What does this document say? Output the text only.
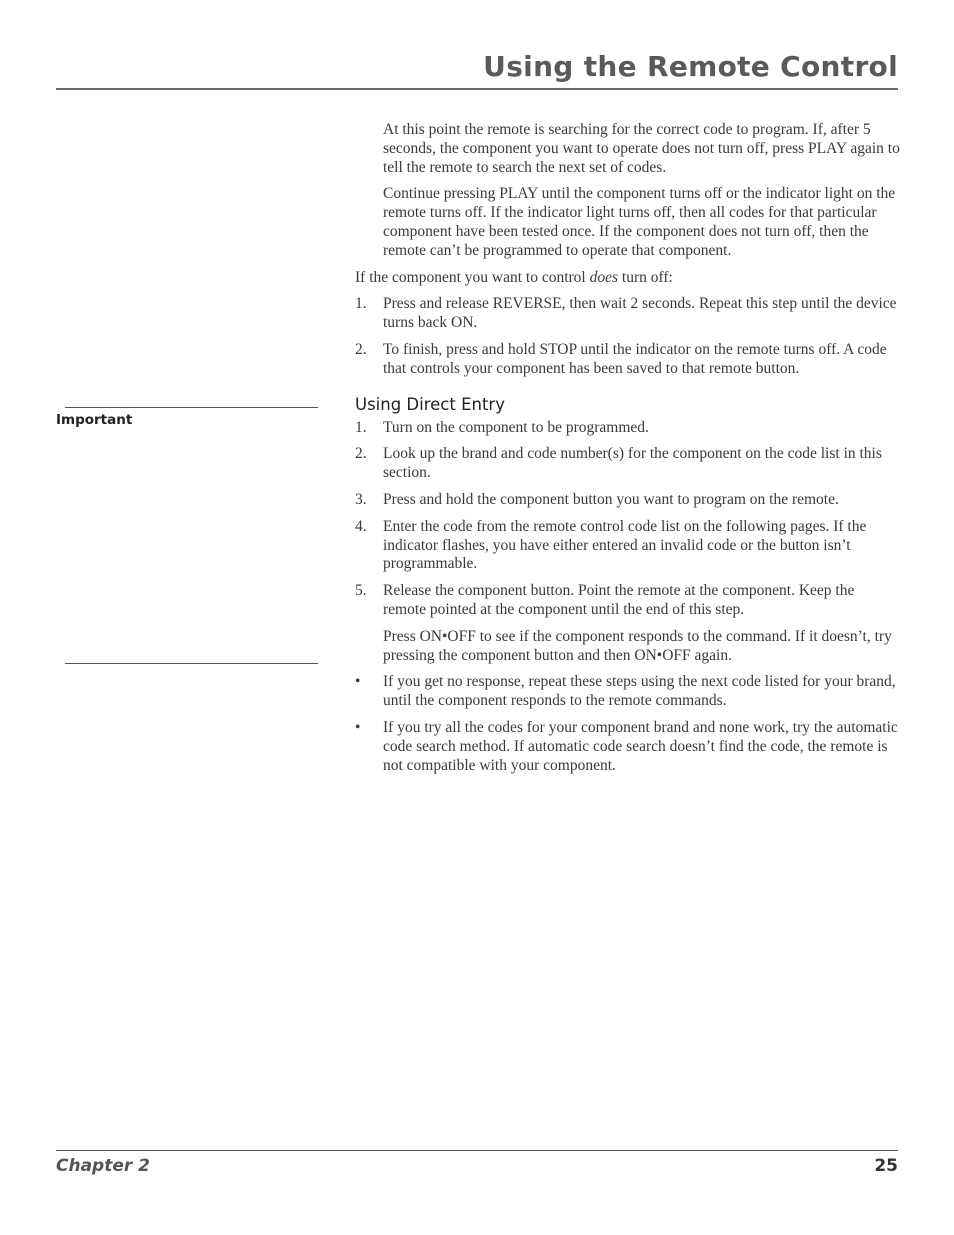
Using the Remote Control
Important

At this point the remote is searching for the correct code to program. If, after 5 seconds, the component you want to operate does not turn off, press PLAY again to tell the remote to search the next set of codes.

Continue pressing PLAY until the component turns off or the indicator light on the remote turns off. If the indicator light turns off, then all codes for that particular component have been tested once. If the component does not turn off, then the remote can’t be programmed to operate that component.

If the component you want to control does turn off:

1.	Press and release REVERSE, then wait 2 seconds. Repeat this step until the device turns back ON.
2.	To finish, press and hold STOP until the indicator on the remote turns off. A code that controls your component has been saved to that remote button.
Using Direct Entry
1.	Turn on the component to be programmed.
2.	Look up the brand and code number(s) for the component on the code list in this section.
3.	Press and hold the component button you want to program on the remote.
4.	Enter the code from the remote control code list on the following pages. If the indicator flashes, you have either entered an invalid code or the button isn’t programmable.
5.	Release the component button. Point the remote at the component. Keep the remote pointed at the component until the end of this step.

Press ON•OFF to see if the component responds to the command. If it doesn’t, try pressing the component button and then ON•OFF again.

•	If you get no response, repeat these steps using the next code listed for your brand, until the component responds to the remote commands.
•	If you try all the codes for your component brand and none work, try the automatic code search method. If automatic code search doesn’t find the code, the remote is not compatible with your component.
Chapter 2	25
